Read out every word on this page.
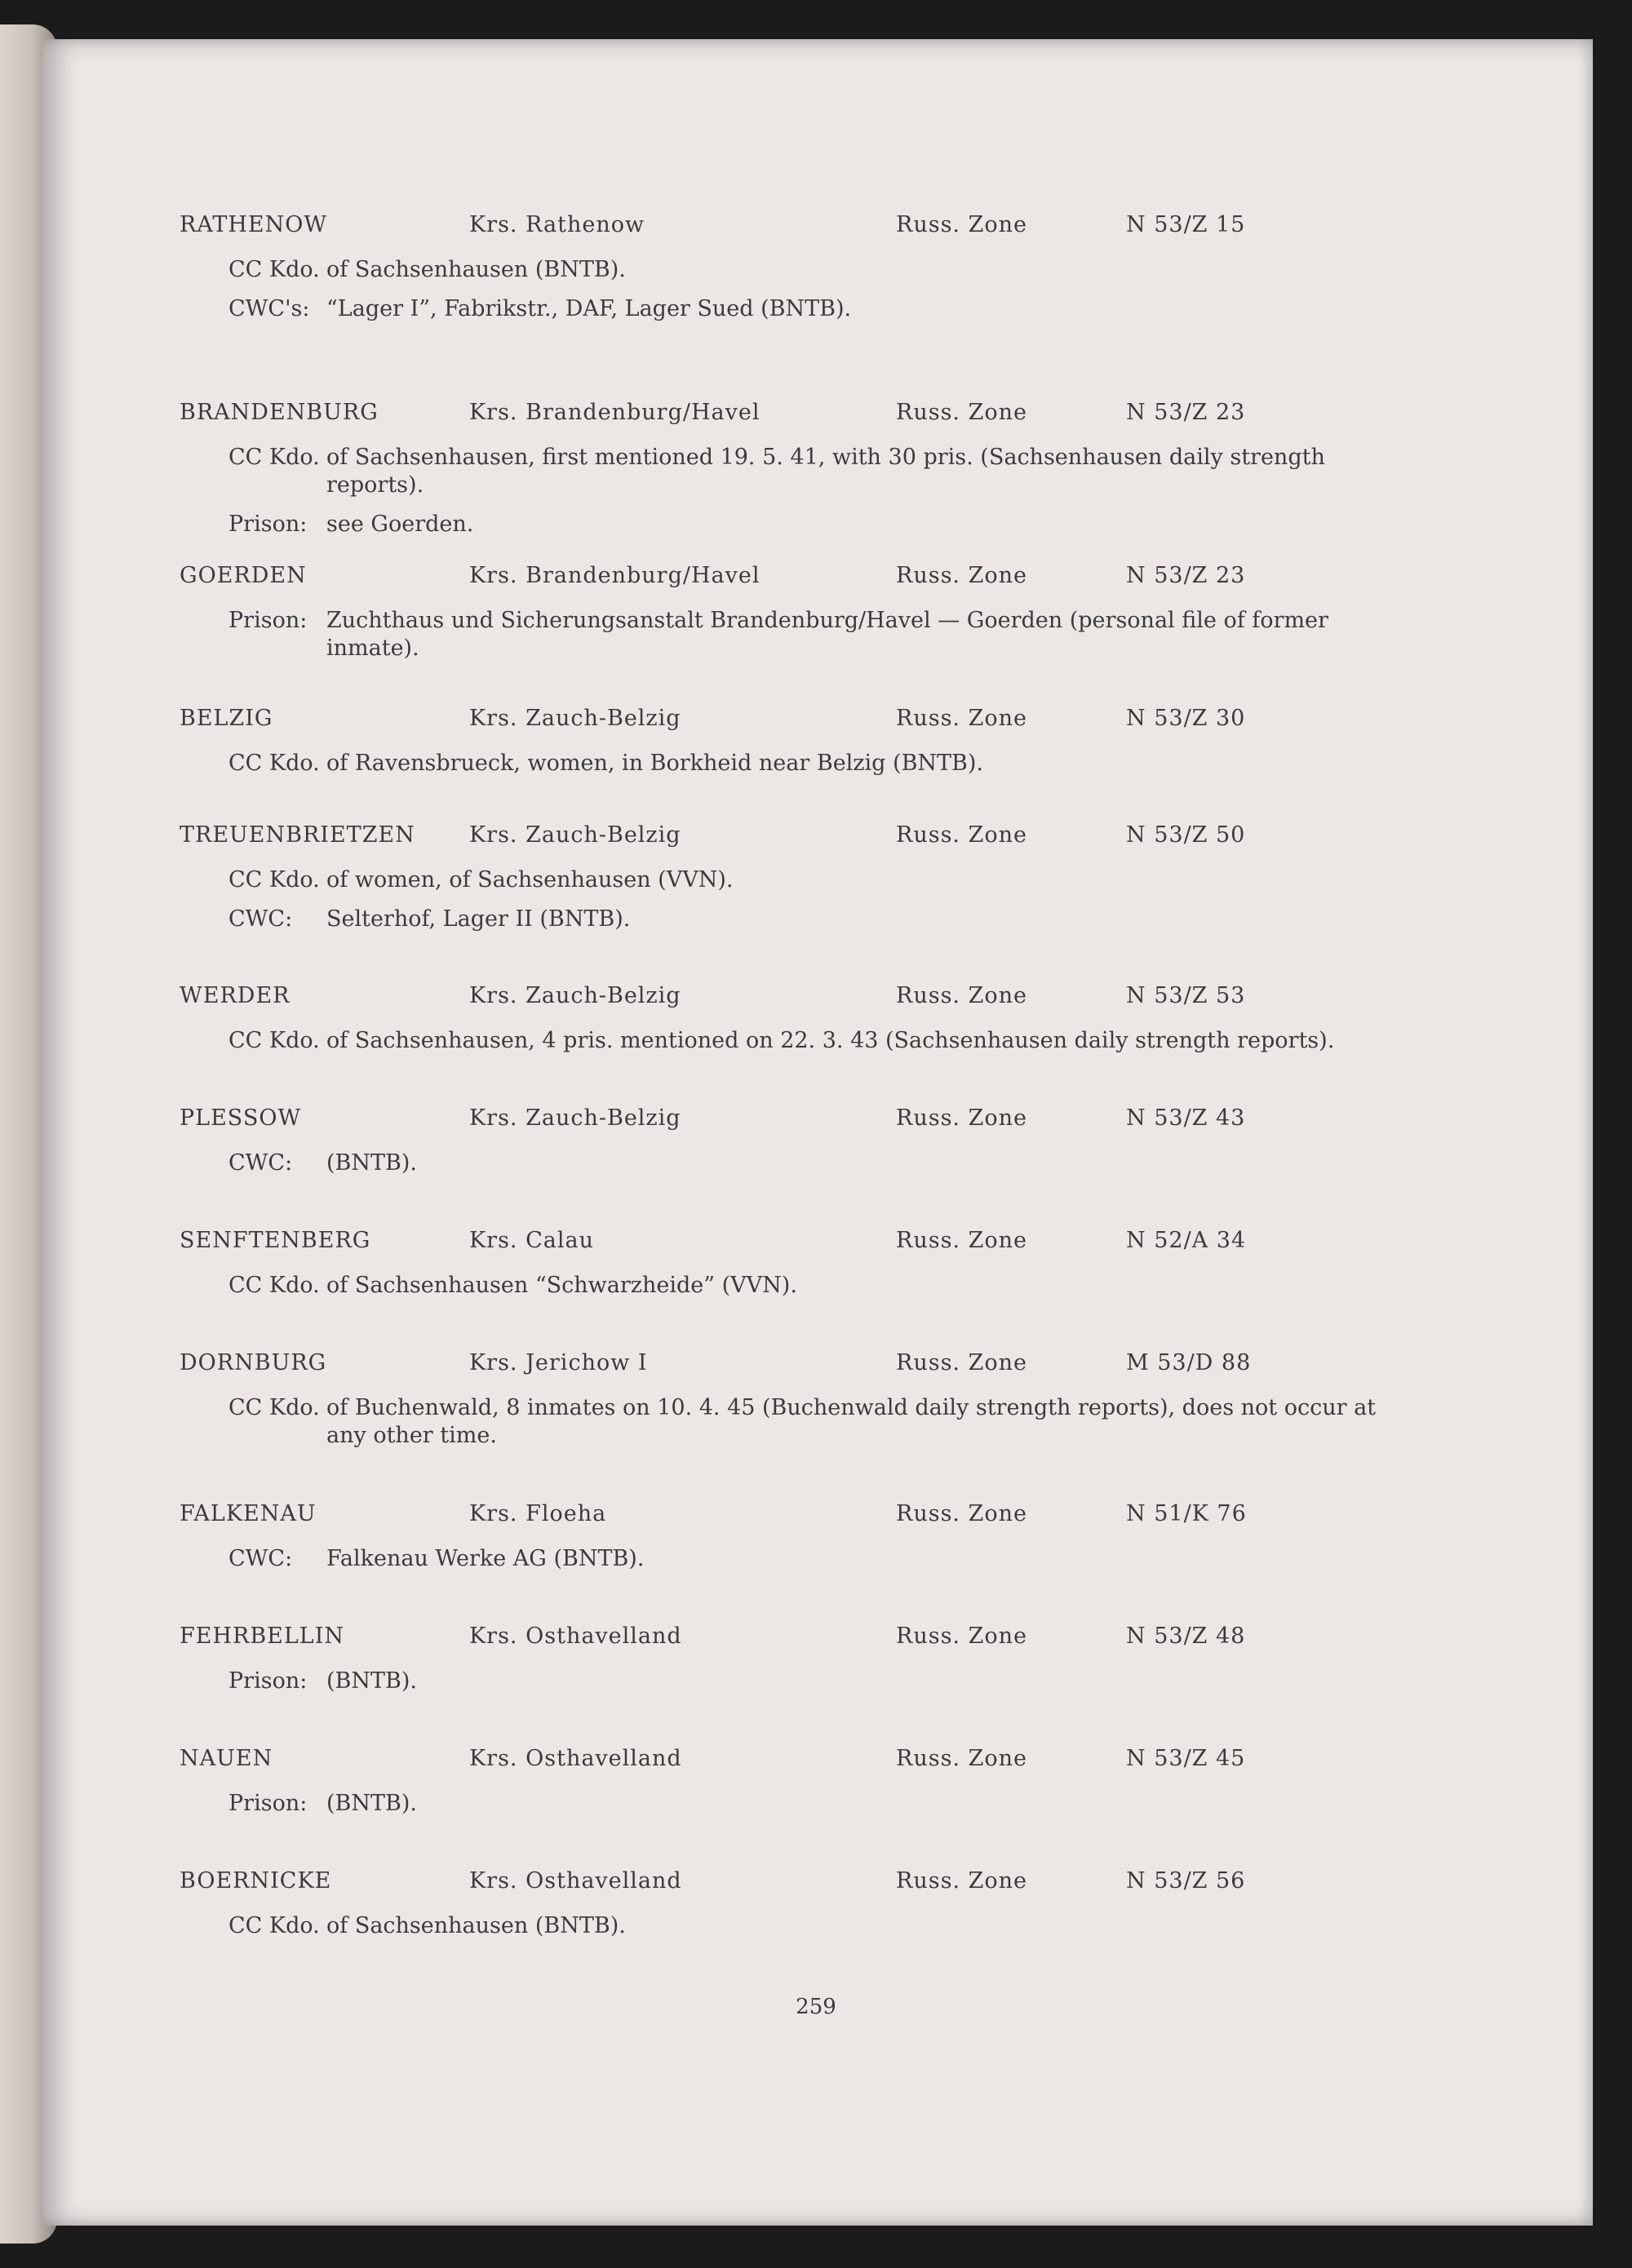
RATHENOW	Krs. Rathenow	Russ. Zone	N 53/Z 15
CC Kdo. of Sachsenhausen (BNTB).
CWC's: “Lager I”, Fabrikstr., DAF, Lager Sued (BNTB).
BRANDENBURG	Krs. Brandenburg/Havel	Russ. Zone	N 53/Z 23
CC Kdo. of Sachsenhausen, first mentioned 19. 5. 41, with 30 pris. (Sachsenhausen daily strength reports).
Prison: see Goerden.
GOERDEN	Krs. Brandenburg/Havel	Russ. Zone	N 53/Z 23
Prison: Zuchthaus und Sicherungsanstalt Brandenburg/Havel — Goerden (personal file of former inmate).
BELZIG	Krs. Zauch-Belzig	Russ. Zone	N 53/Z 30
CC Kdo. of Ravensbrueck, women, in Borkheid near Belzig (BNTB).
TREUENBRIETZEN Krs. Zauch-Belzig	Russ. Zone	N 53/Z 50
CC Kdo. of women, of Sachsenhausen (VVN).
CWC: Selterhof, Lager II (BNTB).
WERDER	Krs. Zauch-Belzig	Russ. Zone	N 53/Z 53
CC Kdo. of Sachsenhausen, 4 pris. mentioned on 22. 3. 43 (Sachsenhausen daily strength reports).
PLESSOW	Krs. Zauch-Belzig	Russ. Zone	N 53/Z 43
CWC: (BNTB).
SENFTENBERG	Krs. Calau	Russ. Zone	N 52/A 34
CC Kdo. of Sachsenhausen “Schwarzheide” (VVN).
DORNBURG	Krs. Jerichow I	Russ. Zone	M 53/D 88
CC Kdo. of Buchenwald, 8 inmates on 10. 4. 45 (Buchenwald daily strength reports), does not occur at any other time.
FALKENAU	Krs. Floeha	Russ. Zone	N 51/K 76
CWC: Falkenau Werke AG (BNTB).
FEHRBELLIN	Krs. Osthavelland	Russ. Zone	N 53/Z 48
Prison: (BNTB).
NAUEN	Krs. Osthavelland	Russ. Zone	N 53/Z 45
Prison: (BNTB).
BOERNICKE	Krs. Osthavelland	Russ. Zone	N 53/Z 56
CC Kdo. of Sachsenhausen (BNTB).
259
